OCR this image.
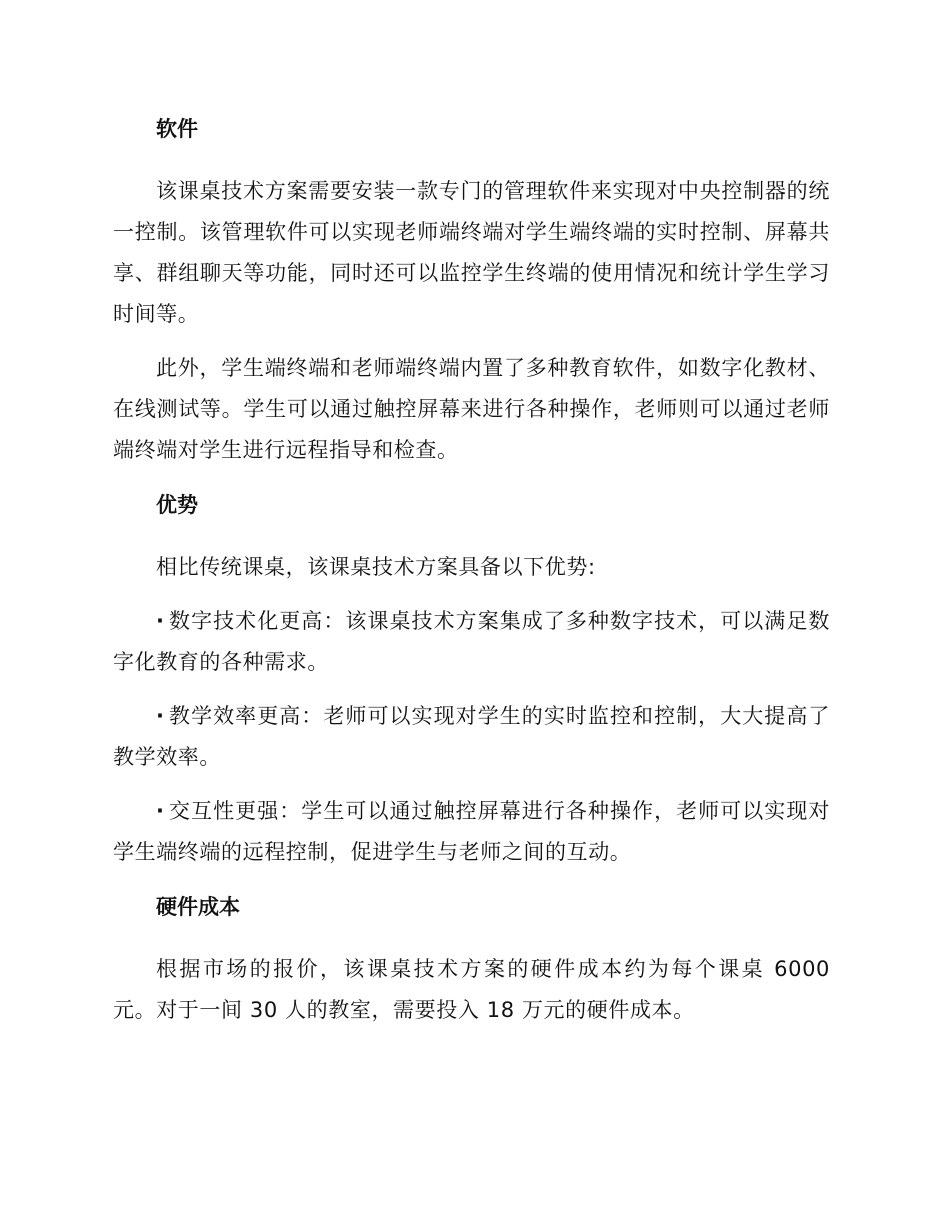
软件

该课桌技术方案需要安装一款专门的管理软件来实现对中央控制器的统一控制。该管理软件可以实现老师端终端对学生端终端的实时控制、屏幕共享、群组聊天等功能，同时还可以监控学生终端的使用情况和统计学生学习时间等。

此外，学生端终端和老师端终端内置了多种教育软件，如数字化教材、在线测试等。学生可以通过触控屏幕来进行各种操作，老师则可以通过老师端终端对学生进行远程指导和检查。

优势

相比传统课桌，该课桌技术方案具备以下优势:

· 数字技术化更高：该课桌技术方案集成了多种数字技术，可以满足数字化教育的各种需求。

· 教学效率更高：老师可以实现对学生的实时监控和控制，大大提高了教学效率。

· 交互性更强：学生可以通过触控屏幕进行各种操作，老师可以实现对学生端终端的远程控制，促进学生与老师之间的互动。

硬件成本

根据市场的报价，该课桌技术方案的硬件成本约为每个课桌 6000 元。对于一间 30 人的教室，需要投入 18 万元的硬件成本。
